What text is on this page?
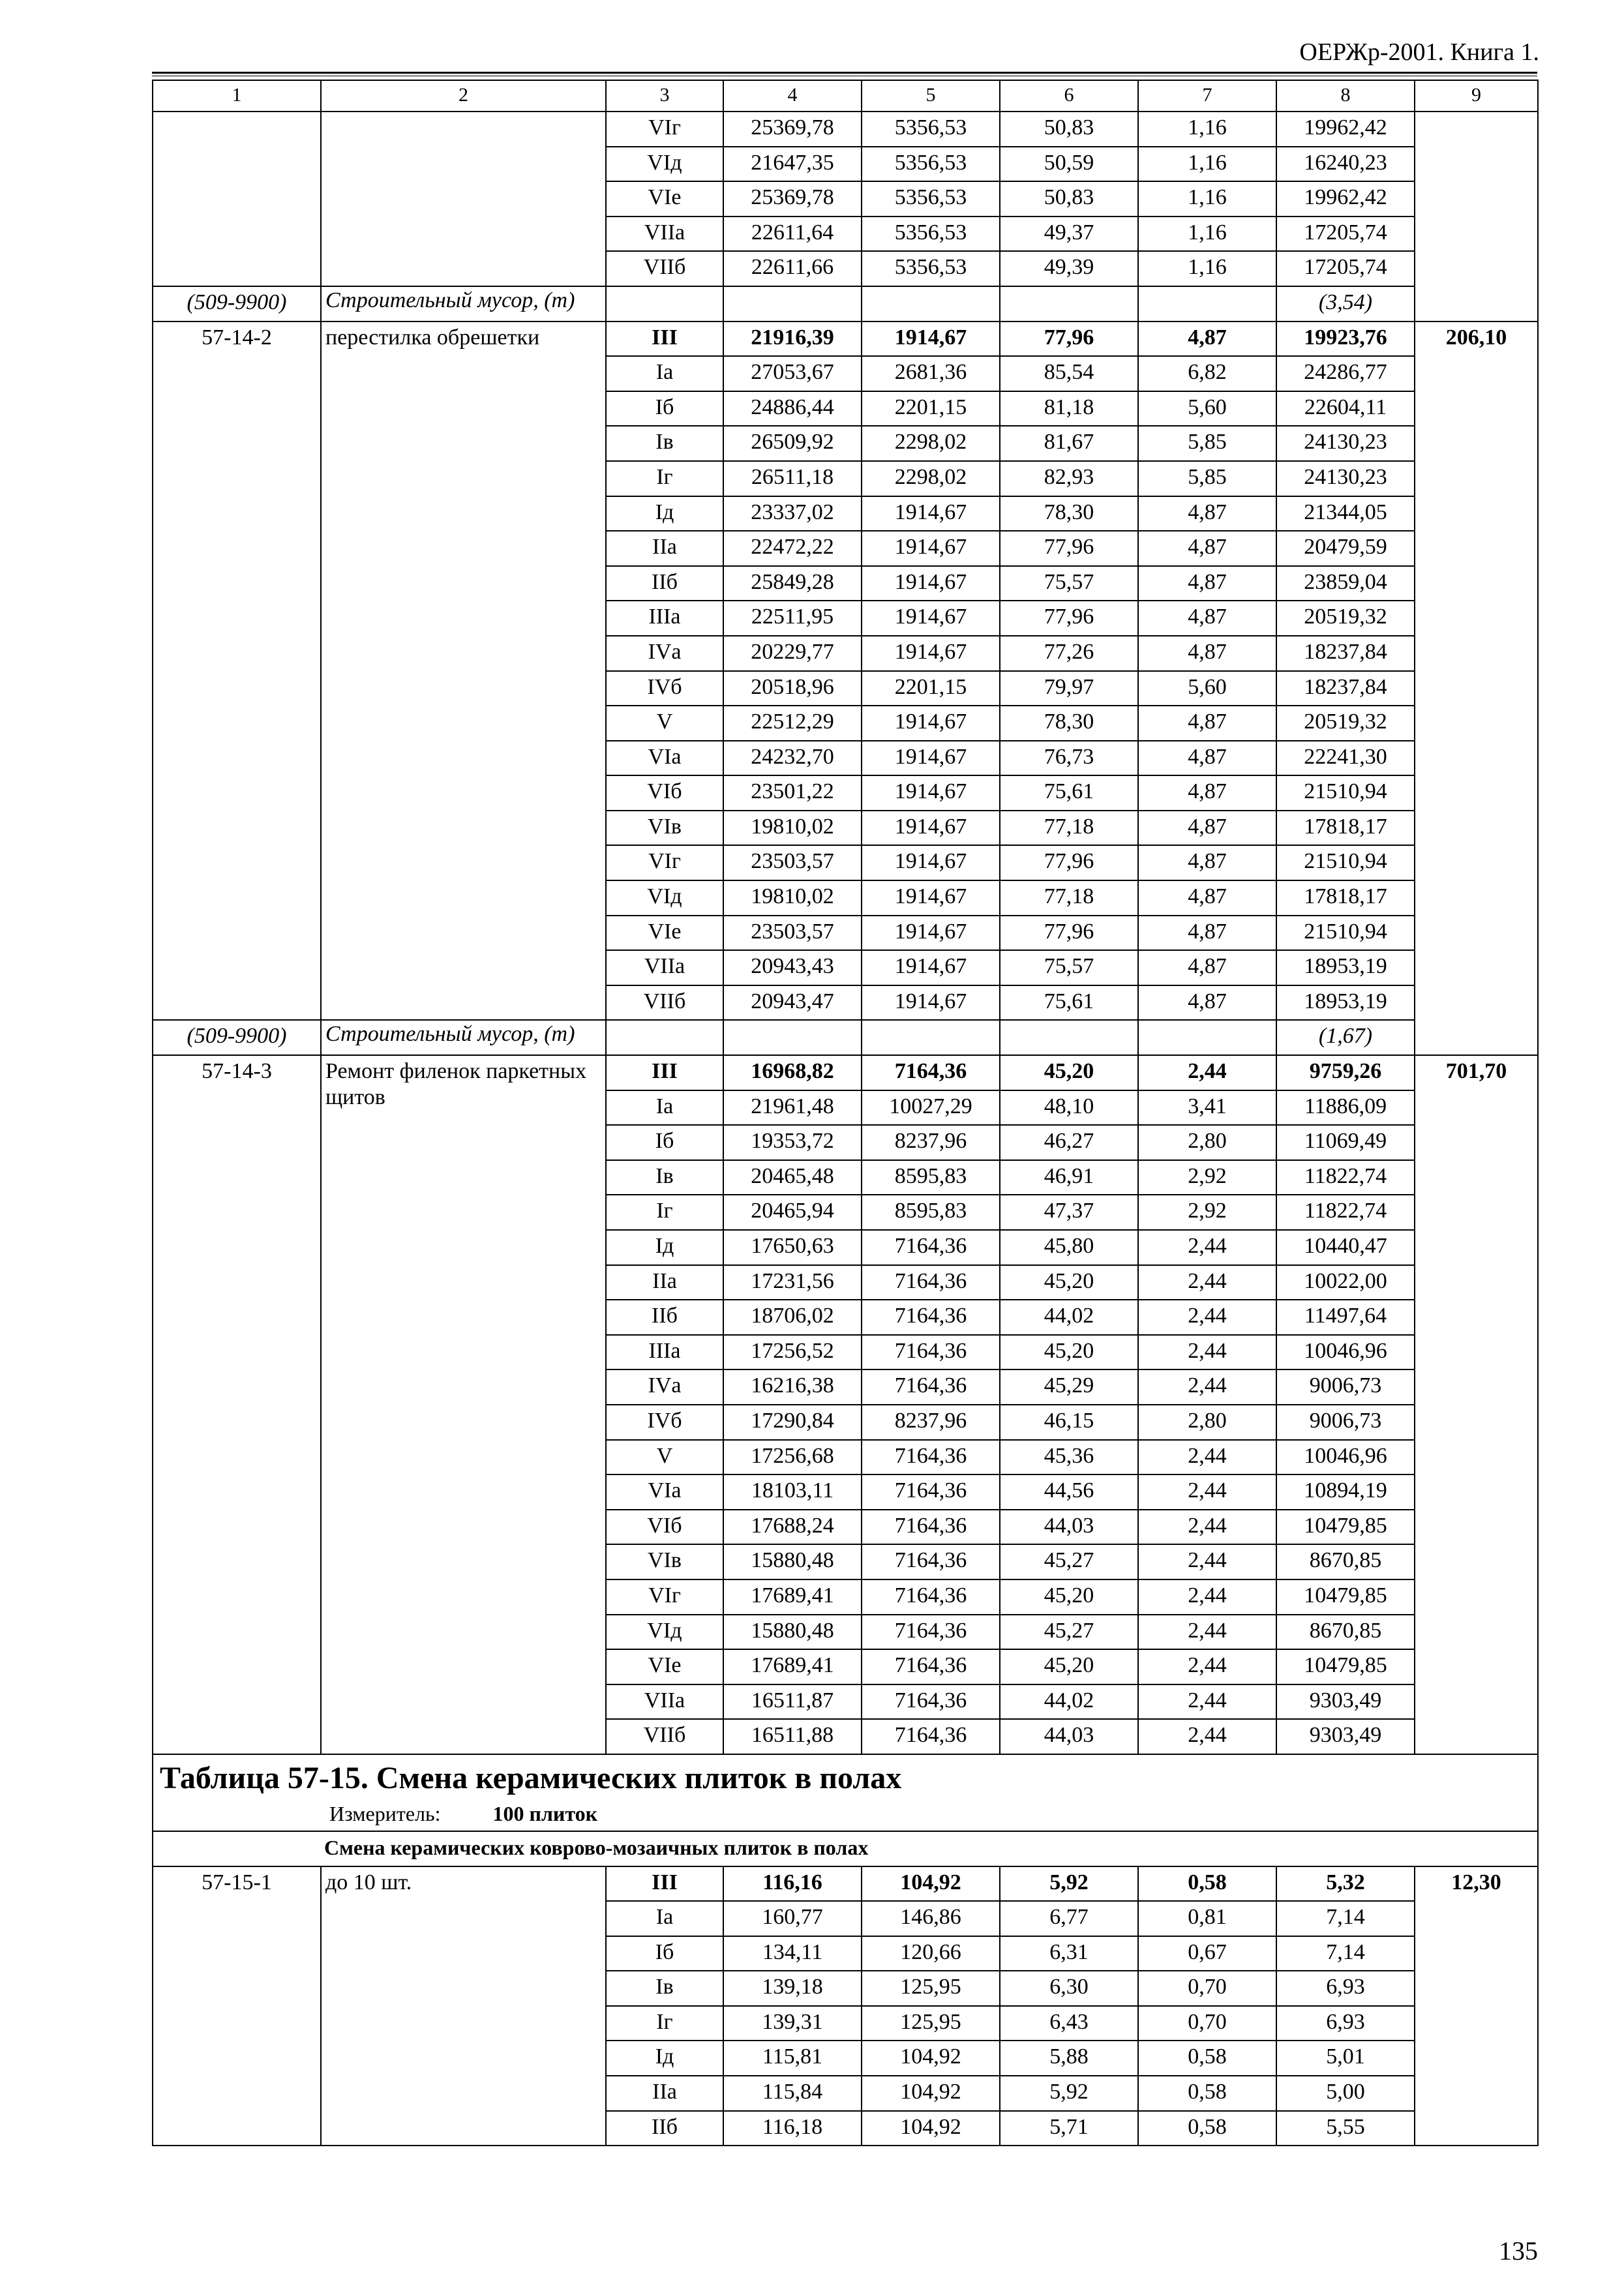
ОЕРЖр-2001. Книга 1.
1	2	3	4	5	6	7	8	9
		VIг	25369,78	5356,53	50,83	1,16	19962,42	
		VIд	21647,35	5356,53	50,59	1,16	16240,23	
		VIе	25369,78	5356,53	50,83	1,16	19962,42	
		VIIа	22611,64	5356,53	49,37	1,16	17205,74	
		VIIб	22611,66	5356,53	49,39	1,16	17205,74	
(509-9900)	Строительный мусор, (т)						(3,54)	
57-14-2	перестилка обрешетки	III	21916,39	1914,67	77,96	4,87	19923,76	206,10
		Iа	27053,67	2681,36	85,54	6,82	24286,77	
		Iб	24886,44	2201,15	81,18	5,60	22604,11	
		Iв	26509,92	2298,02	81,67	5,85	24130,23	
		Iг	26511,18	2298,02	82,93	5,85	24130,23	
		Iд	23337,02	1914,67	78,30	4,87	21344,05	
		IIа	22472,22	1914,67	77,96	4,87	20479,59	
		IIб	25849,28	1914,67	75,57	4,87	23859,04	
		IIIа	22511,95	1914,67	77,96	4,87	20519,32	
		IVа	20229,77	1914,67	77,26	4,87	18237,84	
		IVб	20518,96	2201,15	79,97	5,60	18237,84	
		V	22512,29	1914,67	78,30	4,87	20519,32	
		VIа	24232,70	1914,67	76,73	4,87	22241,30	
		VIб	23501,22	1914,67	75,61	4,87	21510,94	
		VIв	19810,02	1914,67	77,18	4,87	17818,17	
		VIг	23503,57	1914,67	77,96	4,87	21510,94	
		VIд	19810,02	1914,67	77,18	4,87	17818,17	
		VIе	23503,57	1914,67	77,96	4,87	21510,94	
		VIIа	20943,43	1914,67	75,57	4,87	18953,19	
		VIIб	20943,47	1914,67	75,61	4,87	18953,19	
(509-9900)	Строительный мусор, (т)						(1,67)	
57-14-3	Ремонт филенок паркетных щитов	III	16968,82	7164,36	45,20	2,44	9759,26	701,70
		Iа	21961,48	10027,29	48,10	3,41	11886,09	
		Iб	19353,72	8237,96	46,27	2,80	11069,49	
		Iв	20465,48	8595,83	46,91	2,92	11822,74	
		Iг	20465,94	8595,83	47,37	2,92	11822,74	
		Iд	17650,63	7164,36	45,80	2,44	10440,47	
		IIа	17231,56	7164,36	45,20	2,44	10022,00	
		IIб	18706,02	7164,36	44,02	2,44	11497,64	
		IIIа	17256,52	7164,36	45,20	2,44	10046,96	
		IVа	16216,38	7164,36	45,29	2,44	9006,73	
		IVб	17290,84	8237,96	46,15	2,80	9006,73	
		V	17256,68	7164,36	45,36	2,44	10046,96	
		VIа	18103,11	7164,36	44,56	2,44	10894,19	
		VIб	17688,24	7164,36	44,03	2,44	10479,85	
		VIв	15880,48	7164,36	45,27	2,44	8670,85	
		VIг	17689,41	7164,36	45,20	2,44	10479,85	
		VIд	15880,48	7164,36	45,27	2,44	8670,85	
		VIе	17689,41	7164,36	45,20	2,44	10479,85	
		VIIа	16511,87	7164,36	44,02	2,44	9303,49	
		VIIб	16511,88	7164,36	44,03	2,44	9303,49	

Таблица 57-15. Смена керамических плиток в полах
Измеритель: 100 плиток								

Смена керамических коврово-мозаичных плиток в полах								
57-15-1	до 10 шт.	III	116,16	104,92	5,92	0,58	5,32	12,30
		Iа	160,77	146,86	6,77	0,81	7,14	
		Iб	134,11	120,66	6,31	0,67	7,14	
		Iв	139,18	125,95	6,30	0,70	6,93	
		Iг	139,31	125,95	6,43	0,70	6,93	
		Iд	115,81	104,92	5,88	0,58	5,01	
		IIа	115,84	104,92	5,92	0,58	5,00	
		IIб	116,18	104,92	5,71	0,58	5,55	
135
